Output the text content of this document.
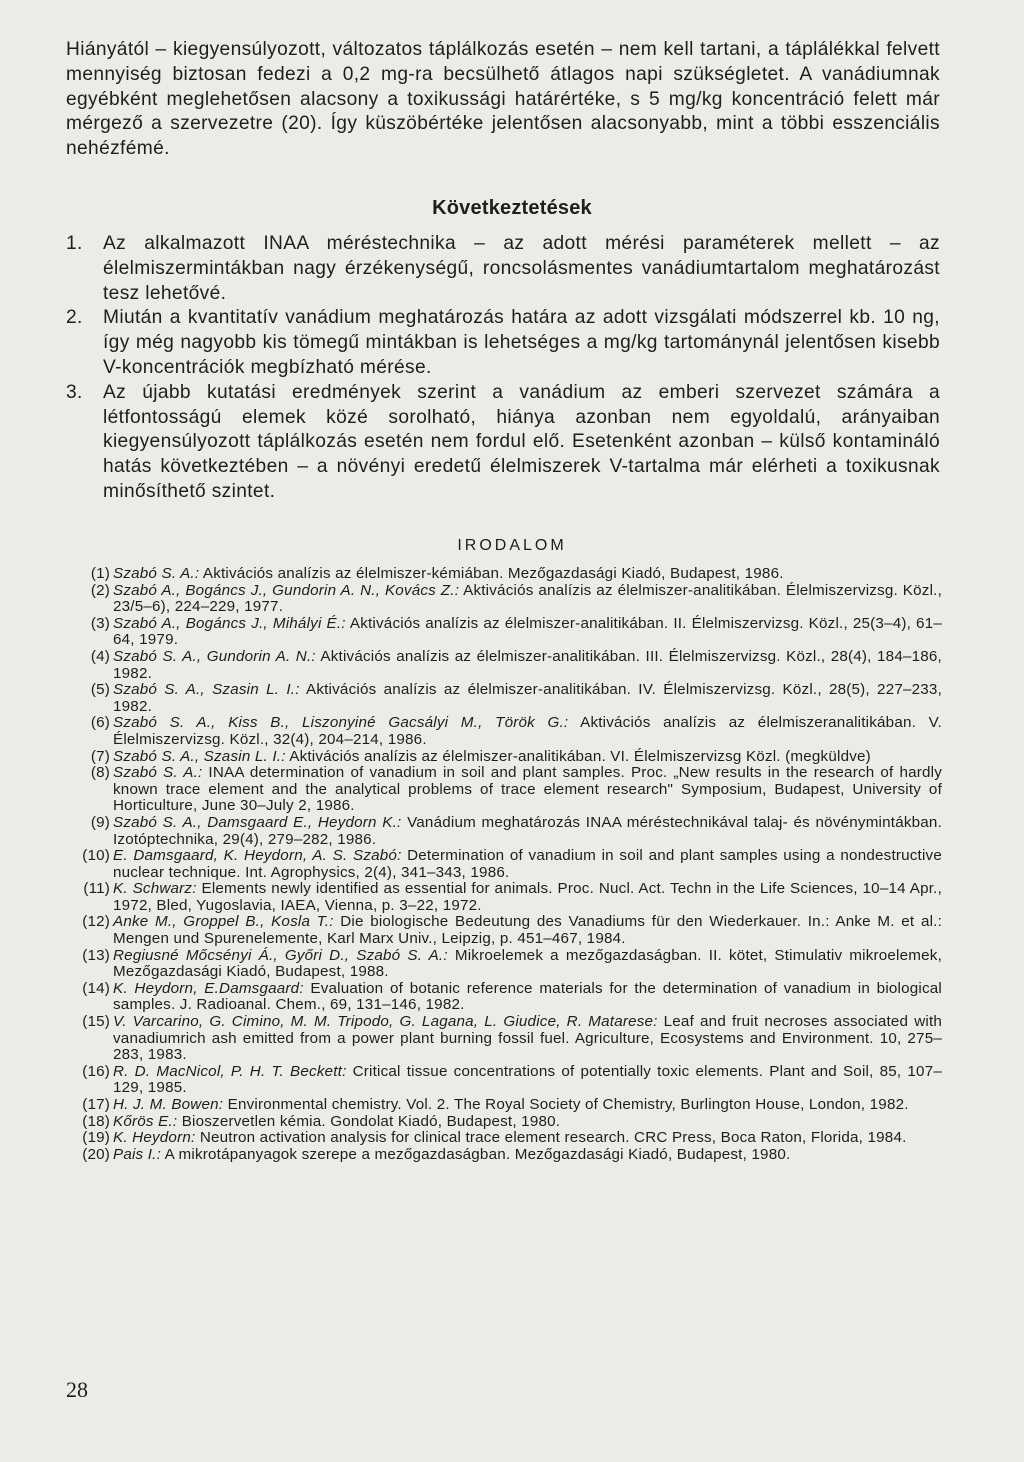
Hiányától – kiegyensúlyozott, változatos táplálkozás esetén – nem kell tartani, a táplálékkal felvett mennyiség biztosan fedezi a 0,2 mg-ra becsülhető átlagos napi szükségletet. A vanádiumnak egyébként meglehetősen alacsony a toxikussági határértéke, s 5 mg/kg koncentráció felett már mérgező a szervezetre (20). Így küszöbértéke jelentősen alacsonyabb, mint a többi esszenciális nehézfémé.
Következtetések
1.	Az alkalmazott INAA méréstechnika – az adott mérési paraméterek mellett – az élelmiszermintákban nagy érzékenységű, roncsolásmentes vanádiumtartalom meghatározást tesz lehetővé.
2.	Miután a kvantitatív vanádium meghatározás határa az adott vizsgálati módszerrel kb. 10 ng, így még nagyobb kis tömegű mintákban is lehetséges a mg/kg tartománynál jelentősen kisebb V-koncentrációk megbízható mérése.
3.	Az újabb kutatási eredmények szerint a vanádium az emberi szervezet számára a létfontosságú elemek közé sorolható, hiánya azonban nem egyoldalú, arányaiban kiegyensúlyozott táplálkozás esetén nem fordul elő. Esetenként azonban – külső kontamináló hatás következtében – a növényi eredetű élelmiszerek V-tartalma már elérheti a toxikusnak minősíthető szintet.
IRODALOM
(1) Szabó S. A.: Aktivációs analízis az élelmiszer-kémiában. Mezőgazdasági Kiadó, Budapest, 1986.
(2) Szabó A., Bogáncs J., Gundorin A. N., Kovács Z.: Aktivációs analízis az élelmiszer-analitikában. Élelmiszervizsg. Közl., 23/5–6), 224–229, 1977.
(3) Szabó A., Bogáncs J., Mihályi É.: Aktivációs analízis az élelmiszer-analitikában. II. Élelmiszervizsg. Közl., 25(3–4), 61–64, 1979.
(4) Szabó S. A., Gundorin A. N.: Aktivációs analízis az élelmiszer-analitikában. III. Élelmiszervizsg. Közl., 28(4), 184–186, 1982.
(5) Szabó S. A., Szasin L. I.: Aktivációs analízis az élelmiszer-analitikában. IV. Élelmiszervizsg. Közl., 28(5), 227–233, 1982.
(6) Szabó S. A., Kiss B., Liszonyiné Gacsályi M., Török G.: Aktivációs analízis az élelmiszeranalitikában. V. Élelmiszervizsg. Közl., 32(4), 204–214, 1986.
(7) Szabó S. A., Szasin L. I.: Aktivációs analízis az élelmiszer-analitikában. VI. Élelmiszervizsg Közl. (megküldve)
(8) Szabó S. A.: INAA determination of vanadium in soil and plant samples. Proc. „New results in the research of hardly known trace element and the analytical problems of trace element research" Symposium, Budapest, University of Horticulture, June 30–July 2, 1986.
(9) Szabó S. A., Damsgaard E., Heydorn K.: Vanádium meghatározás INAA méréstechnikával talaj- és növénymintákban. Izotóptechnika, 29(4), 279–282, 1986.
(10) E. Damsgaard, K. Heydorn, A. S. Szabó: Determination of vanadium in soil and plant samples using a nondestructive nuclear technique. Int. Agrophysics, 2(4), 341–343, 1986.
(11) K. Schwarz: Elements newly identified as essential for animals. Proc. Nucl. Act. Techn in the Life Sciences, 10–14 Apr., 1972, Bled, Yugoslavia, IAEA, Vienna, p. 3–22, 1972.
(12) Anke M., Groppel B., Kosla T.: Die biologische Bedeutung des Vanadiums für den Wiederkauer. In.: Anke M. et al.: Mengen und Spurenelemente, Karl Marx Univ., Leipzig, p. 451–467, 1984.
(13) Regiusné Mőcsényi Á., Győri D., Szabó S. A.: Mikroelemek a mezőgazdaságban. II. kötet, Stimulativ mikroelemek, Mezőgazdasági Kiadó, Budapest, 1988.
(14) K. Heydorn, E.Damsgaard: Evaluation of botanic reference materials for the determination of vanadium in biological samples. J. Radioanal. Chem., 69, 131–146, 1982.
(15) V. Varcarino, G. Cimino, M. M. Tripodo, G. Lagana, L. Giudice, R. Matarese: Leaf and fruit necroses associated with vanadiumrich ash emitted from a power plant burning fossil fuel. Agriculture, Ecosystems and Environment. 10, 275–283, 1983.
(16) R. D. MacNicol, P. H. T. Beckett: Critical tissue concentrations of potentially toxic elements. Plant and Soil, 85, 107–129, 1985.
(17) H. J. M. Bowen: Environmental chemistry. Vol. 2. The Royal Society of Chemistry, Burlington House, London, 1982.
(18) Kőrös E.: Bioszervetlen kémia. Gondolat Kiadó, Budapest, 1980.
(19) K. Heydorn: Neutron activation analysis for clinical trace element research. CRC Press, Boca Raton, Florida, 1984.
(20) Pais I.: A mikrotápanyagok szerepe a mezőgazdaságban. Mezőgazdasági Kiadó, Budapest, 1980.
28
